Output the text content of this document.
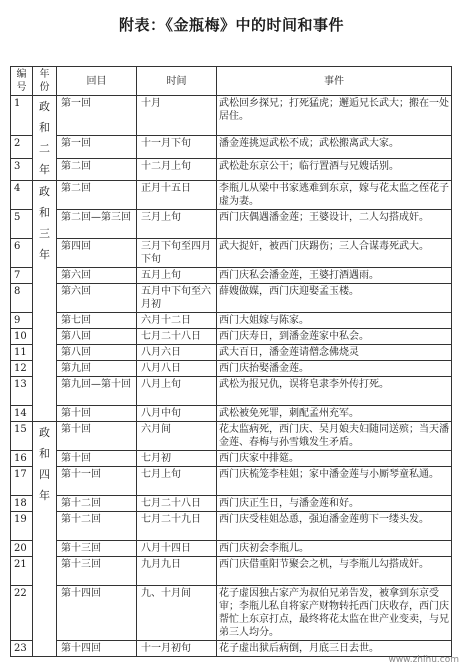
附表：《金瓶梅》中的时间和事件
编号	年份	回目	时间	事件
1	政和二年	第一回	十月	武松回乡探兄；打死猛虎；邂逅兄长武大；搬在一处居住。
2		第一回	十一月下旬	潘金莲挑逗武松不成；武松搬离武大家。
3		第二回	十二月上旬	武松赴东京公干；临行置酒与兄嫂话别。
4	政和三年	第二回	正月十五日	李瓶儿从梁中书家逃难到东京，嫁与花太监之侄花子虚为妻。
5		第二回—第三回	三月上旬	西门庆偶遇潘金莲；王婆设计，二人勾搭成奸。
6		第四回	三月下旬至四月下旬	武大捉奸，被西门庆踢伤；三人合谋毒死武大。
7		第六回	五月上旬	西门庆私会潘金莲，王婆打酒遇雨。
8		第六回	五月中下旬至六月初	薛嫂做媒，西门庆迎娶孟玉楼。
9		第七回	六月十二日	西门大姐嫁与陈家。
10		第八回	七月二十八日	西门庆寿日，到潘金莲家中私会。
11		第八回	八月六日	武大百日，潘金莲请僧念佛烧灵
12		第九回	八月八日	西门庆抬娶潘金莲。
13		第九回—第十回	八月上旬	武松为报兄仇，误将皂隶李外传打死。
14		第十回	八月中旬	武松被免死罪，刺配孟州充军。
15	政和四年	第十回	六月间	花太监病死，西门庆、吴月娘夫妇随同送殡；当天潘金莲、春梅与孙雪娥发生矛盾。
16		第十回	七月初	西门庆家中排筵。
17		第十一回	七月上旬	西门庆梳笼李桂姐；家中潘金莲与小厮琴童私通。
18		第十二回	七月二十八日	西门庆正生日，与潘金莲和好。
19		第十二回	七月二十九日	西门庆受桂姐怂恿，强迫潘金莲剪下一缕头发。
20		第十三回	八月十四日	西门庆初会李瓶儿。
21		第十三回	九月九日	西门庆借重阳节聚会之机，与李瓶儿勾搭成奸。
22		第十四回	九、十月间	花子虚因独占家产为叔伯兄弟告发，被拿到东京受审；李瓶儿私自将家产财物转托西门庆收存，西门庆帮忙上东京打点，最终将花太监在世产业变卖，与兄弟三人均分。
23		第十四回	十一月初旬	花子虚出狱后病倒，月底三日去世。
www.zhihu.com
